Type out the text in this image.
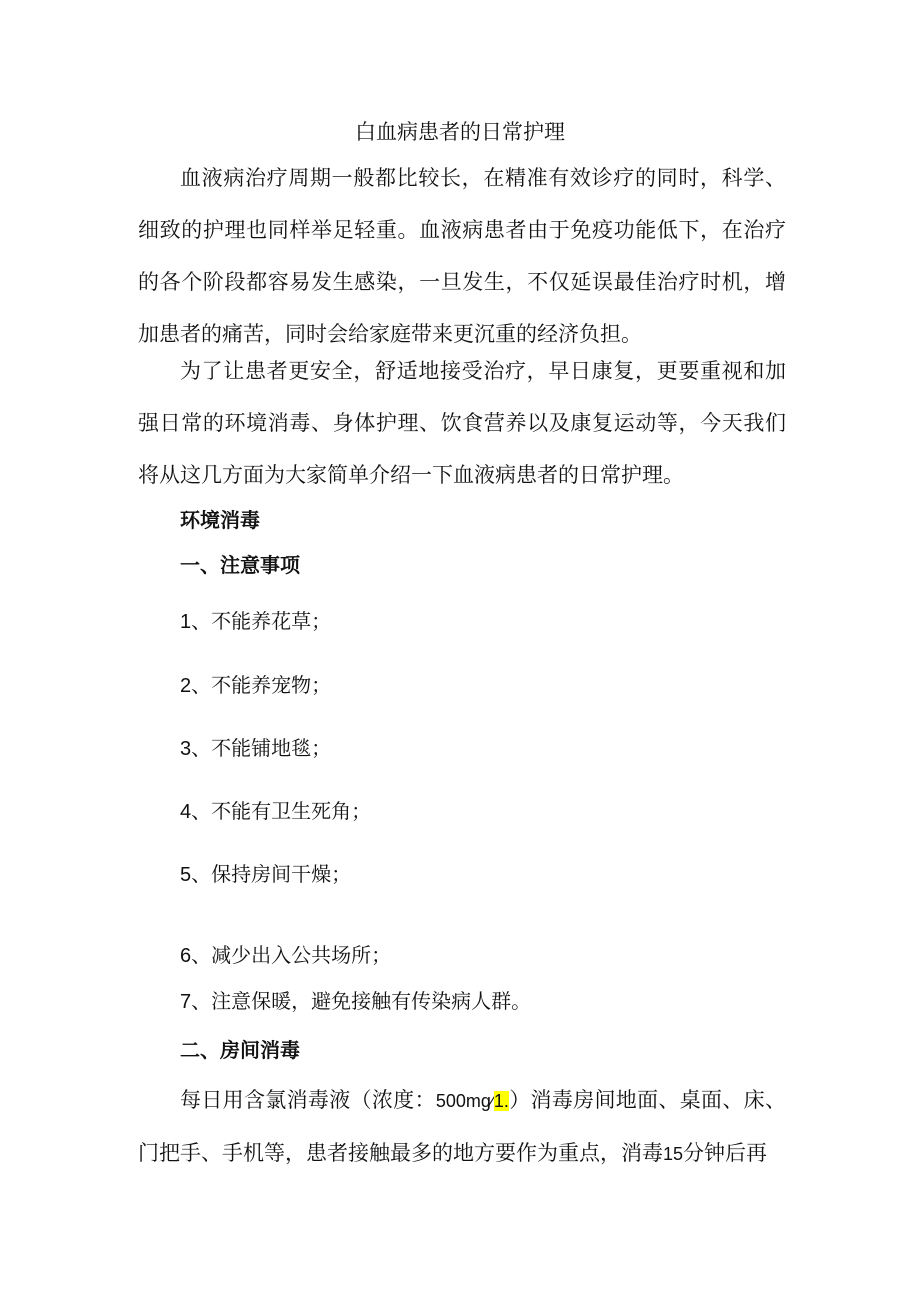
白血病患者的日常护理

血液病治疗周期一般都比较长，在精准有效诊疗的同时，科学、细致的护理也同样举足轻重。血液病患者由于免疫功能低下，在治疗的各个阶段都容易发生感染，一旦发生，不仅延误最佳治疗时机，增加患者的痛苦，同时会给家庭带来更沉重的经济负担。

为了让患者更安全，舒适地接受治疗，早日康复，更要重视和加强日常的环境消毒、身体护理、饮食营养以及康复运动等，今天我们将从这几方面为大家简单介绍一下血液病患者的日常护理。

环境消毒
一、注意事项
1、不能养花草；
2、不能养宠物；
3、不能铺地毯；
4、不能有卫生死角；
5、保持房间干燥；
6、减少出入公共场所；
7、注意保暖，避免接触有传染病人群。
二、房间消毒

每日用含氯消毒液（浓度：500mg∕1.）消毒房间地面、桌面、床、门把手、手机等，患者接触最多的地方要作为重点，消毒15分钟后再
